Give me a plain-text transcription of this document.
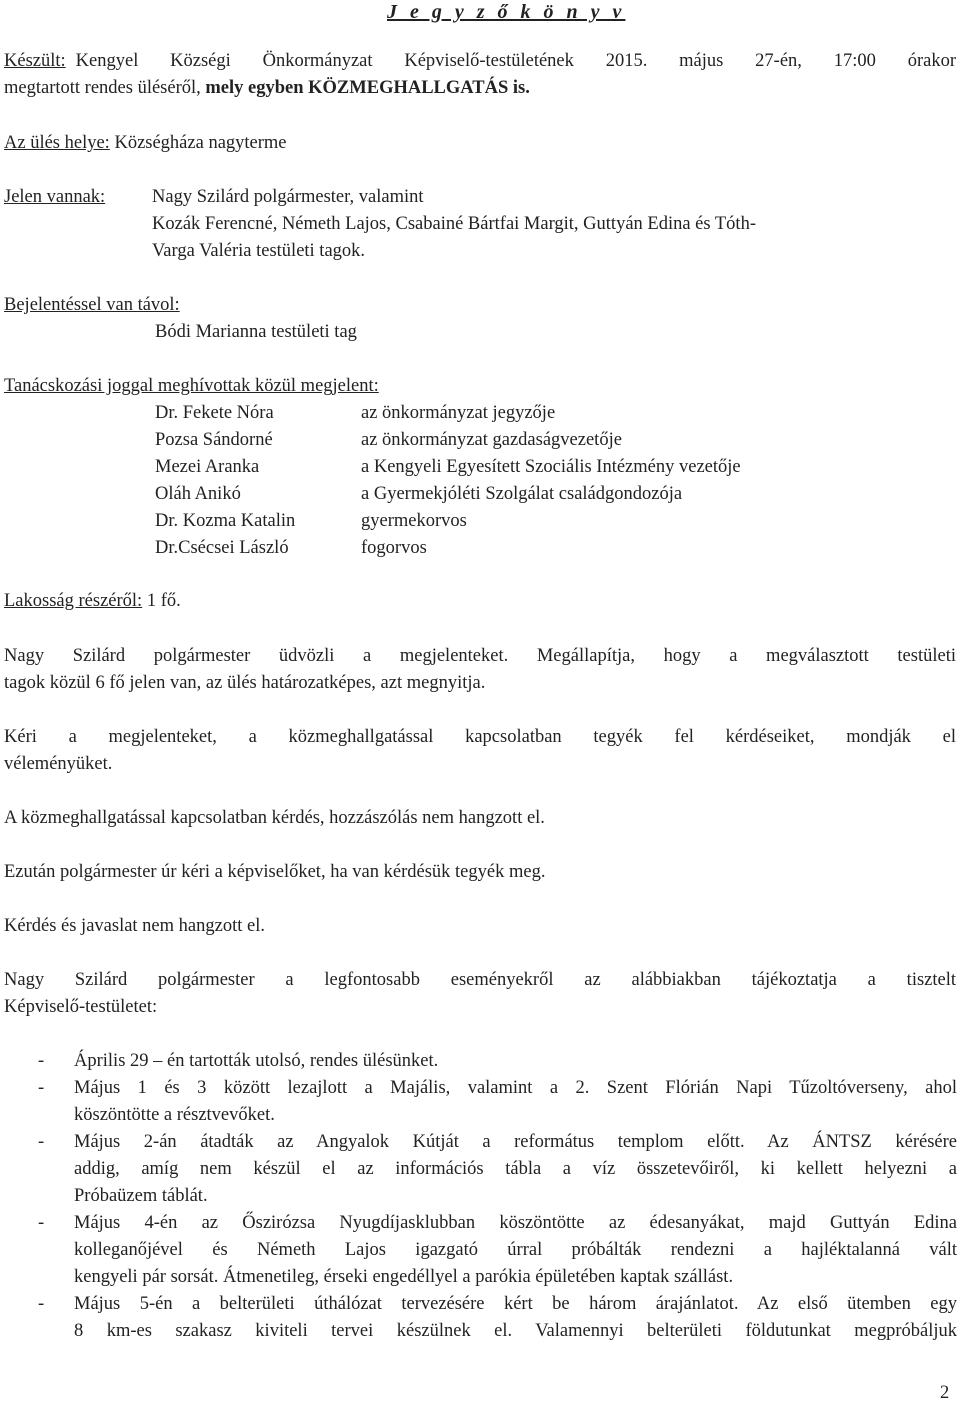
J e g y z ő k ö n y v
Készült: Kengyel Községi Önkormányzat Képviselő-testületének 2015. május 27-én, 17:00 órakor
megtartott rendes üléséről, mely egyben KÖZMEGHALLGATÁS is.
Az ülés helye: Községháza nagyterme
Jelen vannak:	Nagy Szilárd polgármester, valamint
Kozák Ferencné, Németh Lajos, Csabainé Bártfai Margit, Guttyán Edina és Tóth-
Varga Valéria testületi tagok.
Bejelentéssel van távol:
Bódi Marianna testületi tag
Tanácskozási joggal meghívottak közül megjelent:
Dr. Fekete Nóra	az önkormányzat jegyzője
Pozsa Sándorné	az önkormányzat gazdaságvezetője
Mezei Aranka	a Kengyeli Egyesített Szociális Intézmény vezetője
Oláh Anikó	a Gyermekjóléti Szolgálat családgondozója
Dr. Kozma Katalin	gyermekorvos
Dr.Csécsei László	fogorvos
Lakosság részéről: 1 fő.
Nagy Szilárd polgármester üdvözli a megjelenteket. Megállapítja, hogy a megválasztott testületi
tagok közül 6 fő jelen van, az ülés határozatképes, azt megnyitja.
Kéri a megjelenteket, a közmeghallgatással kapcsolatban tegyék fel kérdéseiket, mondják el
véleményüket.
A közmeghallgatással kapcsolatban kérdés, hozzászólás nem hangzott el.
Ezután polgármester úr kéri a képviselőket, ha van kérdésük tegyék meg.
Kérdés és javaslat nem hangzott el.
Nagy Szilárd polgármester a legfontosabb eseményekről az alábbiakban tájékoztatja a tisztelt
Képviselő-testületet:
- Április 29 – én tartották utolsó, rendes ülésünket.
- Május 1 és 3 között lezajlott a Majális, valamint a 2. Szent Flórián Napi Tűzoltóverseny, ahol
köszöntötte a résztvevőket.
- Május 2-án átadták az Angyalok Kútját a református templom előtt. Az ÁNTSZ kérésére
addig, amíg nem készül el az információs tábla a víz összetevőiről, ki kellett helyezni a
Próbaüzem táblát.
- Május 4-én az Őszirózsa Nyugdíjasklubban köszöntötte az édesanyákat, majd Guttyán Edina
kolleganőjével és Németh Lajos igazgató úrral próbálták rendezni a hajléktalanná vált
kengyeli pár sorsát. Átmenetileg, érseki engedéllyel a parókia épületében kaptak szállást.
- Május 5-én a belterületi úthálózat tervezésére kért be három árajánlatot. Az első ütemben egy
8 km-es szakasz kiviteli tervei készülnek el. Valamennyi belterületi földutunkat megpróbáljuk
2
